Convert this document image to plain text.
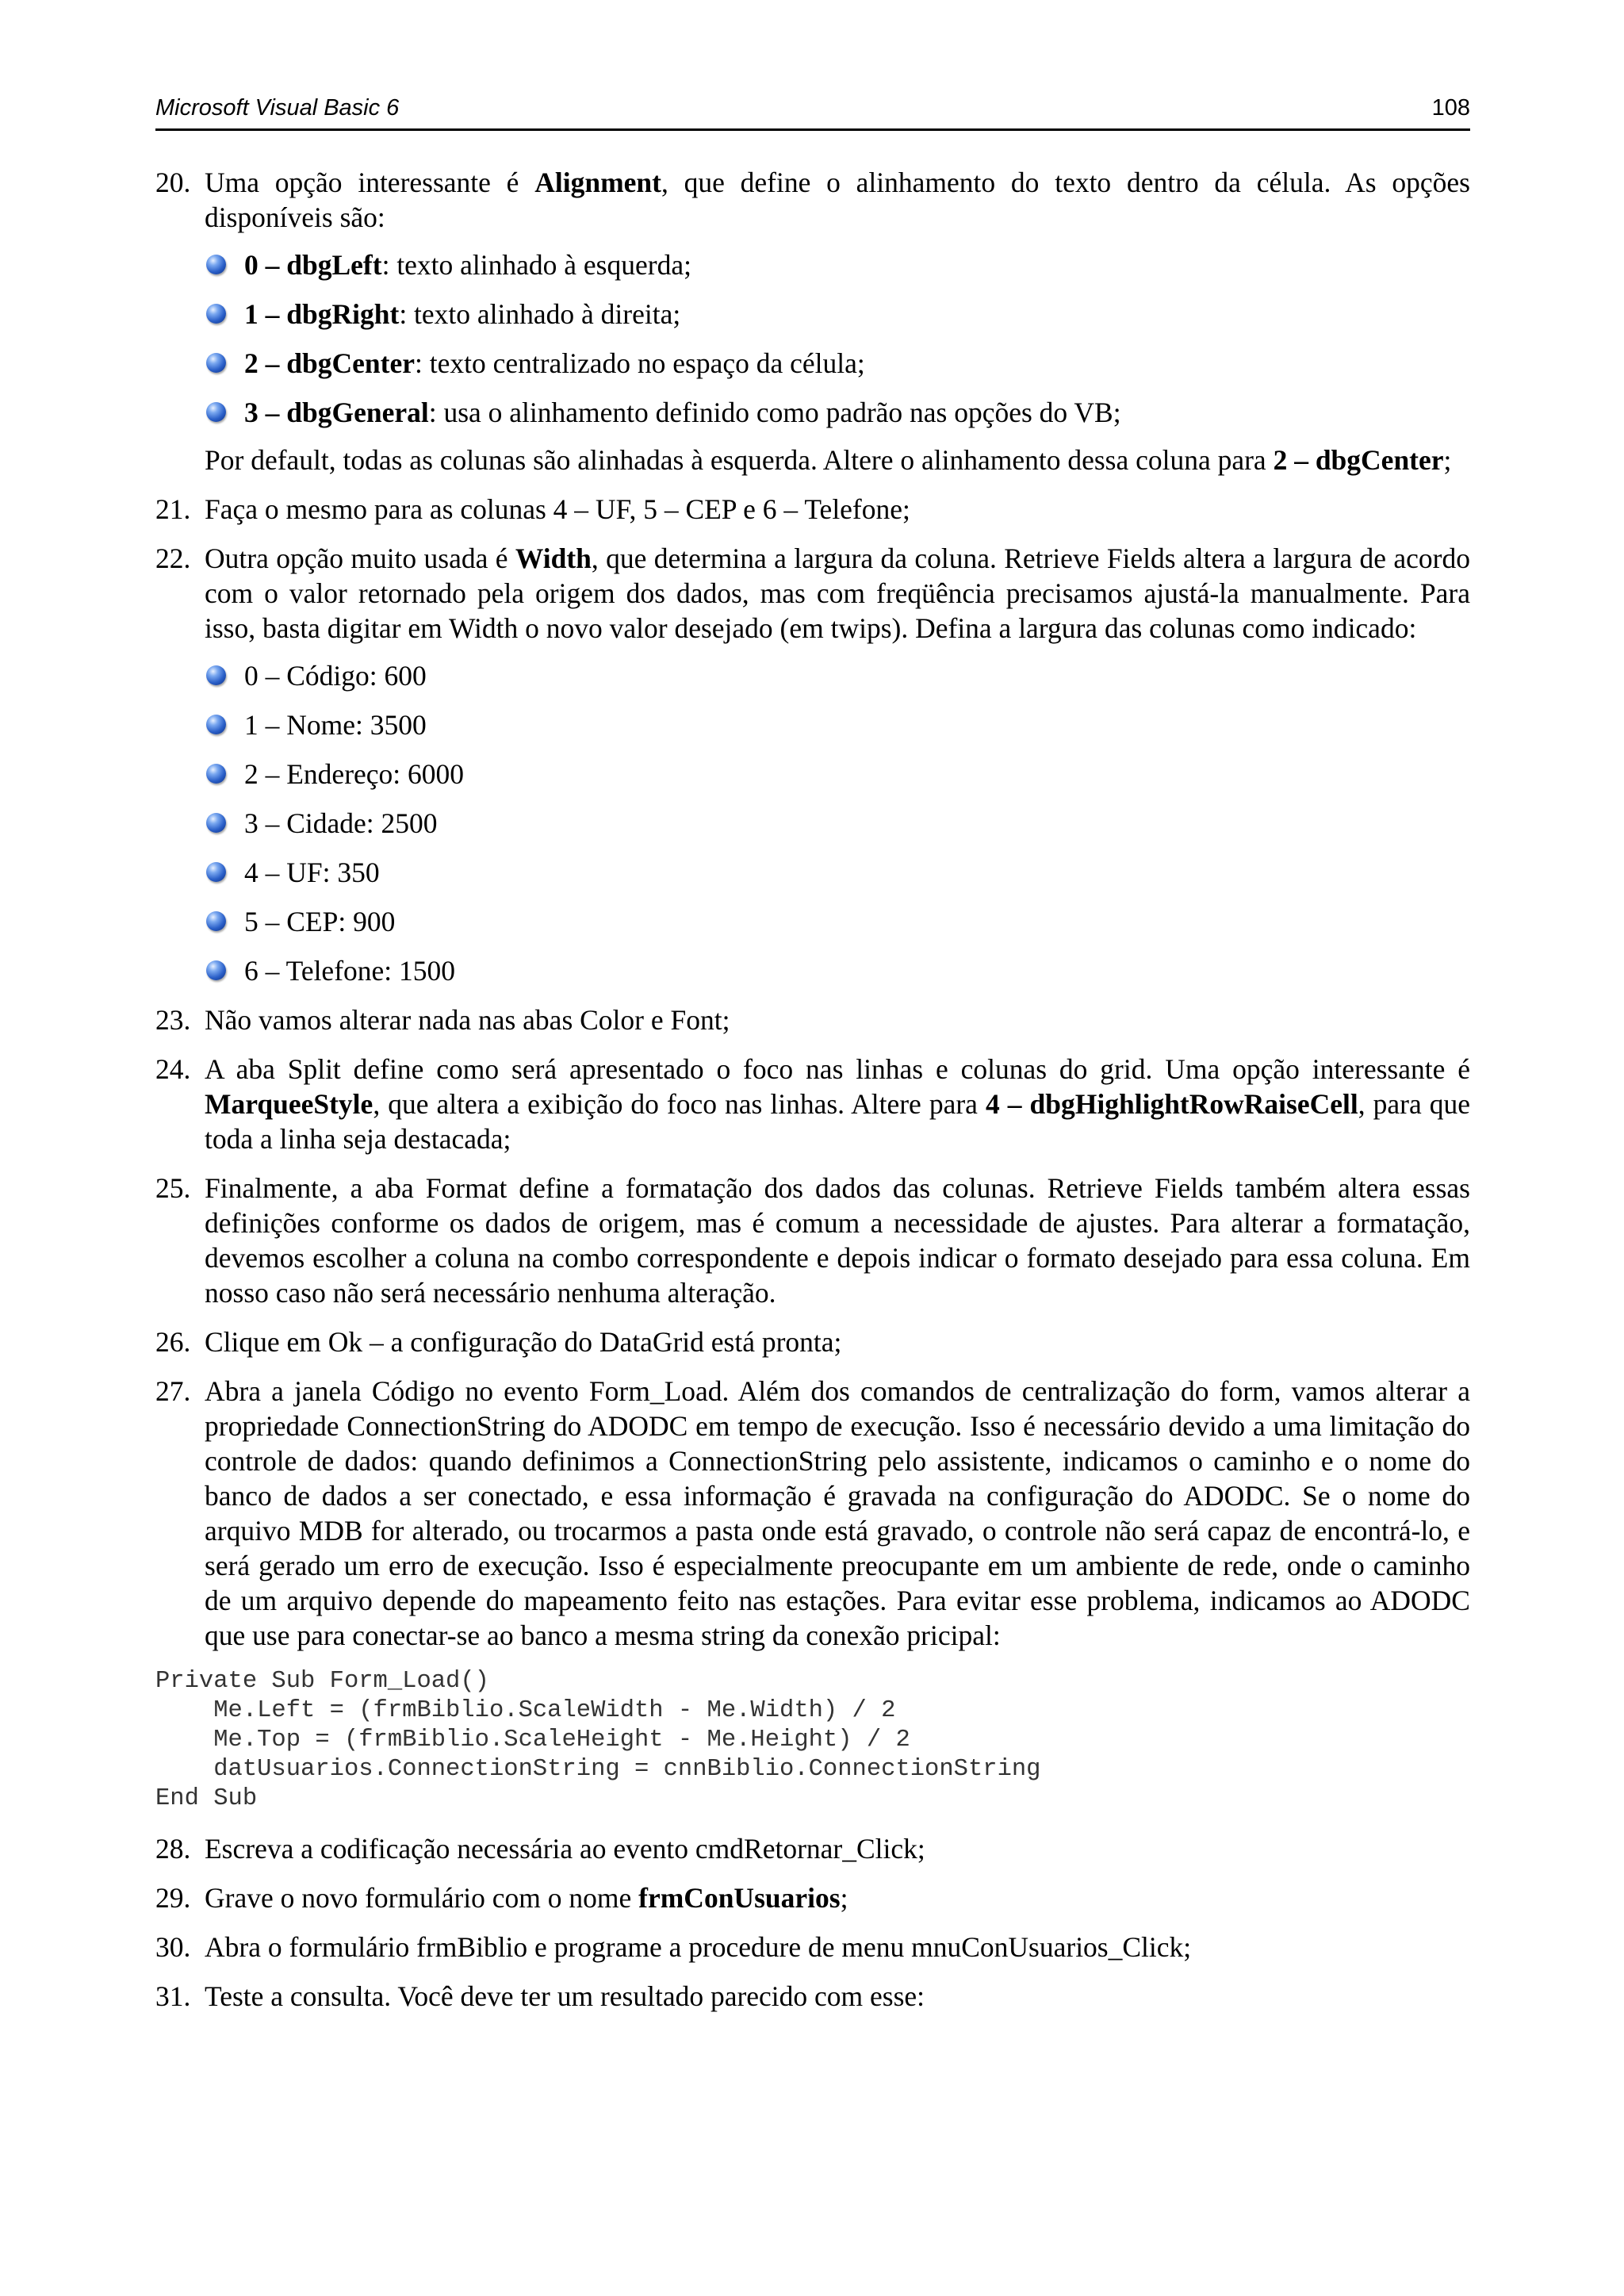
Microsoft Visual Basic 6	108
20. Uma opção interessante é Alignment, que define o alinhamento do texto dentro da célula. As opções disponíveis são:

0 – dbgLeft: texto alinhado à esquerda;
1 – dbgRight: texto alinhado à direita;
2 – dbgCenter: texto centralizado no espaço da célula;
3 – dbgGeneral: usa o alinhamento definido como padrão nas opções do VB;

Por default, todas as colunas são alinhadas à esquerda. Altere o alinhamento dessa coluna para 2 – dbgCenter;

21. Faça o mesmo para as colunas 4 – UF, 5 – CEP e 6 – Telefone;

22. Outra opção muito usada é Width, que determina a largura da coluna. Retrieve Fields altera a largura de acordo com o valor retornado pela origem dos dados, mas com freqüência precisamos ajustá-la manualmente. Para isso, basta digitar em Width o novo valor desejado (em twips). Defina a largura das colunas como indicado:

0 – Código: 600
1 – Nome: 3500
2 – Endereço: 6000
3 – Cidade: 2500
4 – UF: 350
5 – CEP: 900
6 – Telefone: 1500
23. Não vamos alterar nada nas abas Color e Font;

24. A aba Split define como será apresentado o foco nas linhas e colunas do grid. Uma opção interessante é MarqueeStyle, que altera a exibição do foco nas linhas. Altere para 4 – dbgHighlightRowRaiseCell, para que toda a linha seja destacada;

25. Finalmente, a aba Format define a formatação dos dados das colunas. Retrieve Fields também altera essas definições conforme os dados de origem, mas é comum a necessidade de ajustes. Para alterar a formatação, devemos escolher a coluna na combo correspondente e depois indicar o formato desejado para essa coluna. Em nosso caso não será necessário nenhuma alteração.

26. Clique em Ok – a configuração do DataGrid está pronta;

27. Abra a janela Código no evento Form_Load. Além dos comandos de centralização do form, vamos alterar a propriedade ConnectionString do ADODC em tempo de execução. Isso é necessário devido a uma limitação do controle de dados: quando definimos a ConnectionString pelo assistente, indicamos o caminho e o nome do banco de dados a ser conectado, e essa informação é gravada na configuração do ADODC. Se o nome do arquivo MDB for alterado, ou trocarmos a pasta onde está gravado, o controle não será capaz de encontrá-lo, e será gerado um erro de execução. Isso é especialmente preocupante em um ambiente de rede, onde o caminho de um arquivo depende do mapeamento feito nas estações. Para evitar esse problema, indicamos ao ADODC que use para conectar-se ao banco a mesma string da conexão pricipal:

Private Sub Form_Load()
Me.Left = (frmBiblio.ScaleWidth - Me.Width) / 2
Me.Top = (frmBiblio.ScaleHeight - Me.Height) / 2
datUsuarios.ConnectionString = cnnBiblio.ConnectionString
End Sub
28. Escreva a codificação necessária ao evento cmdRetornar_Click;

29. Grave o novo formulário com o nome frmConUsuarios;

30. Abra o formulário frmBiblio e programe a procedure de menu mnuConUsuarios_Click;

31. Teste a consulta. Você deve ter um resultado parecido com esse:
